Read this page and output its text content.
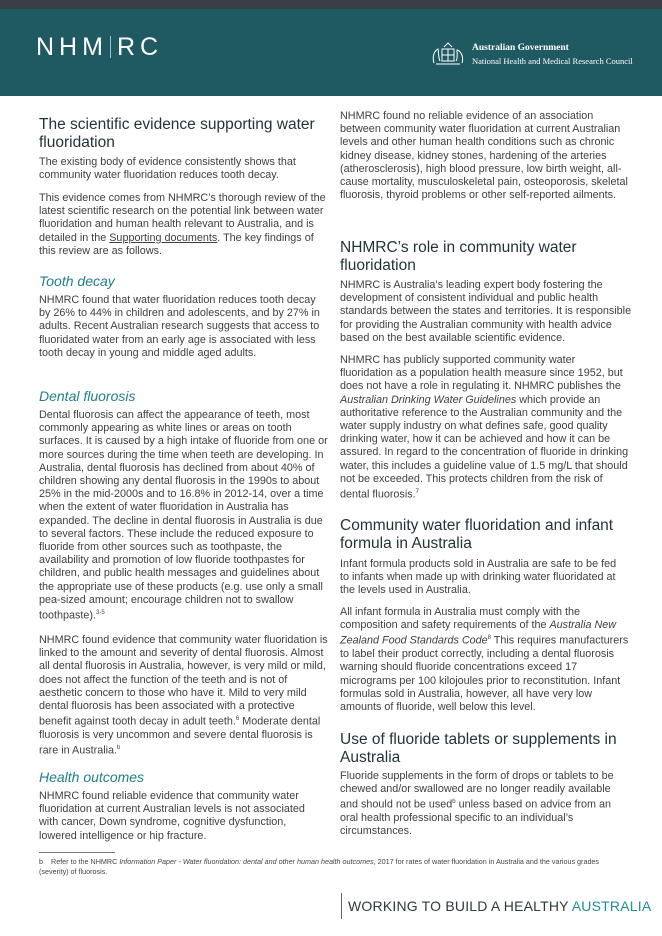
NHM RC	Australian Government
National Health and Medical Research Council
The scientific evidence supporting water fluoridation

The existing body of evidence consistently shows that community water fluoridation reduces tooth decay.

This evidence comes from NHMRC’s thorough review of the latest scientific research on the potential link between water fluoridation and human health relevant to Australia, and is detailed in the Supporting documents. The key findings of this review are as follows.

Tooth decay

NHMRC found that water fluoridation reduces tooth decay by 26% to 44% in children and adolescents, and by 27% in adults. Recent Australian research suggests that access to fluoridated water from an early age is associated with less tooth decay in young and middle aged adults.

Dental fluorosis

Dental fluorosis can affect the appearance of teeth, most commonly appearing as white lines or areas on tooth surfaces. It is caused by a high intake of fluoride from one or more sources during the time when teeth are developing. In Australia, dental fluorosis has declined from about 40% of children showing any dental fluorosis in the 1990s to about 25% in the mid-2000s and to 16.8% in 2012-14, over a time when the extent of water fluoridation in Australia has expanded. The decline in dental fluorosis in Australia is due to several factors. These include the reduced exposure to fluoride from other sources such as toothpaste, the availability and promotion of low fluoride toothpastes for children, and public health messages and guidelines about the appropriate use of these products (e.g. use only a small pea-sized amount; encourage children not to swallow toothpaste).$^{3-5}$

NHMRC found evidence that community water fluoridation is linked to the amount and severity of dental fluorosis. Almost all dental fluorosis in Australia, however, is very mild or mild, does not affect the function of the teeth and is not of aesthetic concern to those who have it. Mild to very mild dental fluorosis has been associated with a protective benefit against tooth decay in adult teeth.$^6$ Moderate dental fluorosis is very uncommon and severe dental fluorosis is rare in Australia.$^b$

Health outcomes

NHMRC found reliable evidence that community water fluoridation at current Australian levels is not associated with cancer, Down syndrome, cognitive dysfunction, lowered intelligence or hip fracture.

NHMRC found no reliable evidence of an association between community water fluoridation at current Australian levels and other human health conditions such as chronic kidney disease, kidney stones, hardening of the arteries (atherosclerosis), high blood pressure, low birth weight, all-cause mortality, musculoskeletal pain, osteoporosis, skeletal fluorosis, thyroid problems or other self-reported ailments.

NHMRC’s role in community water fluoridation

NHMRC is Australia’s leading expert body fostering the development of consistent individual and public health standards between the states and territories. It is responsible for providing the Australian community with health advice based on the best available scientific evidence.

NHMRC has publicly supported community water fluoridation as a population health measure since 1952, but does not have a role in regulating it. NHMRC publishes the Australian Drinking Water Guidelines which provide an authoritative reference to the Australian community and the water supply industry on what defines safe, good quality drinking water, how it can be achieved and how it can be assured. In regard to the concentration of fluoride in drinking water, this includes a guideline value of 1.5 mg/L that should not be exceeded. This protects children from the risk of dental fluorosis.$^7$

Community water fluoridation and infant formula in Australia

Infant formula products sold in Australia are safe to be fed to infants when made up with drinking water fluoridated at the levels used in Australia.

All infant formula in Australia must comply with the composition and safety requirements of the Australia New Zealand Food Standards Code$^8$ This requires manufacturers to label their product correctly, including a dental fluorosis warning should fluoride concentrations exceed 17 micrograms per 100 kilojoules prior to reconstitution. Infant formulas sold in Australia, however, all have very low amounts of fluoride, well below this level.

Use of fluoride tablets or supplements in Australia

Fluoride supplements in the form of drops or tablets to be chewed and/or swallowed are no longer readily available and should not be used$^b$ unless based on advice from an oral health professional specific to an individual’s circumstances.

b Refer to the NHMRC Information Paper - Water fluoridation: dental and other human health outcomes, 2017 for rates of water fluoridation in Australia and the various grades (severity) of fluorosis.
WORKING TO BUILD A HEALTHY AUSTRALIA
